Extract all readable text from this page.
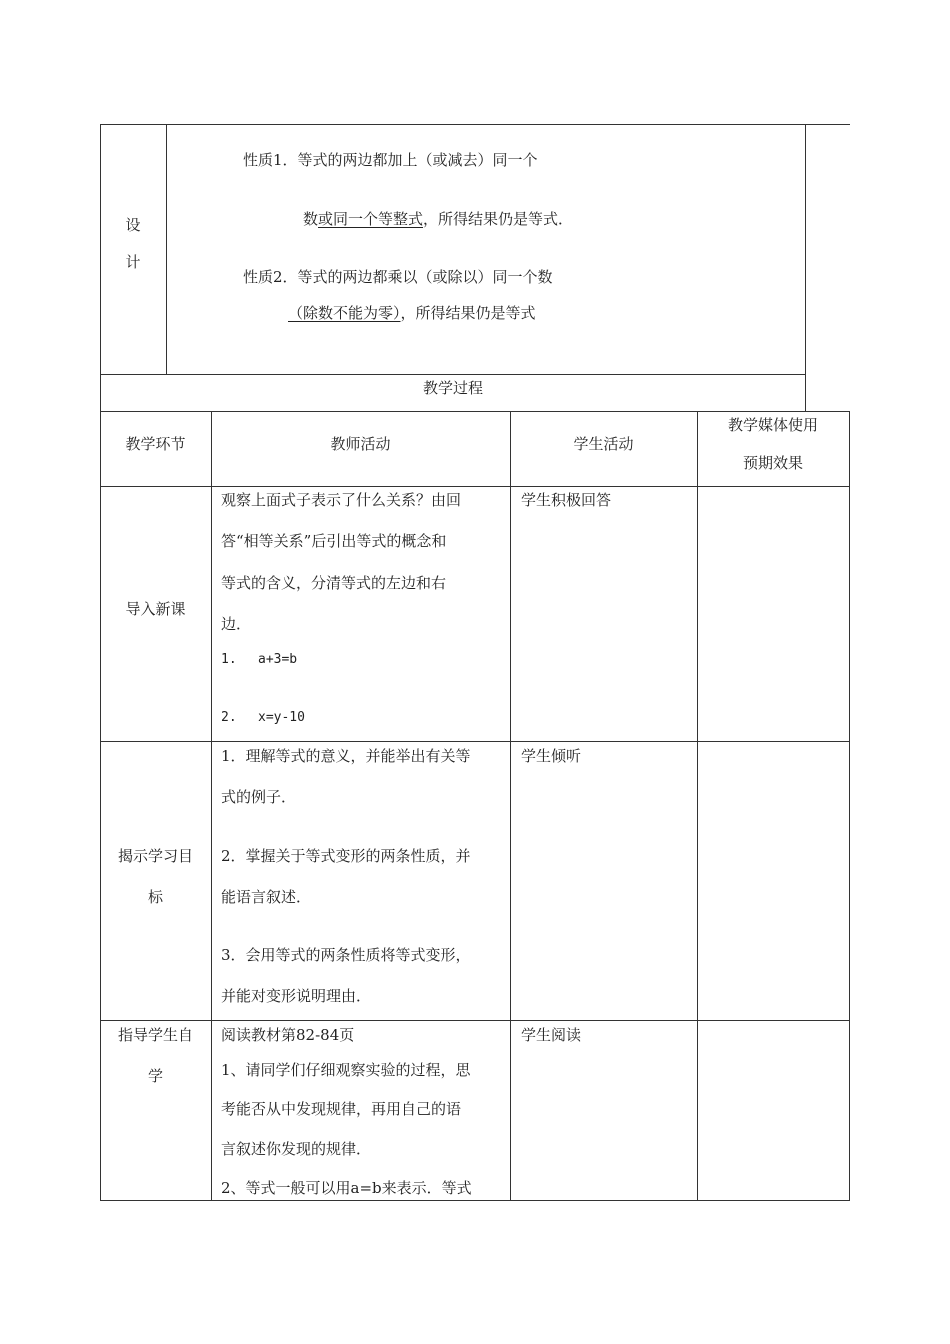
设
计
性质1．等式的两边都加上（或减去）同一个
数或同一个等整式，所得结果仍是等式．
性质2．等式的两边都乘以（或除以）同一个数
（除数不能为零），所得结果仍是等式
教学过程
教学环节	教师活动	学生活动
教学媒体使用
预期效果
导入新课
观察上面式子表示了什么关系？由回
答“相等关系”后引出等式的概念和
等式的含义，分清等式的左边和右
边．
1. a+3=b
2. x=y-10
学生积极回答
揭示学习目
标
1．理解等式的意义，并能举出有关等
式的例子．
2．掌握关于等式变形的两条性质，并
能语言叙述．
3．会用等式的两条性质将等式变形，
并能对变形说明理由．
学生倾听
指导学生自
学
阅读教材第82-84页
1、请同学们仔细观察实验的过程，思
考能否从中发现规律，再用自己的语
言叙述你发现的规律．
2、等式一般可以用a=b来表示．等式
学生阅读
